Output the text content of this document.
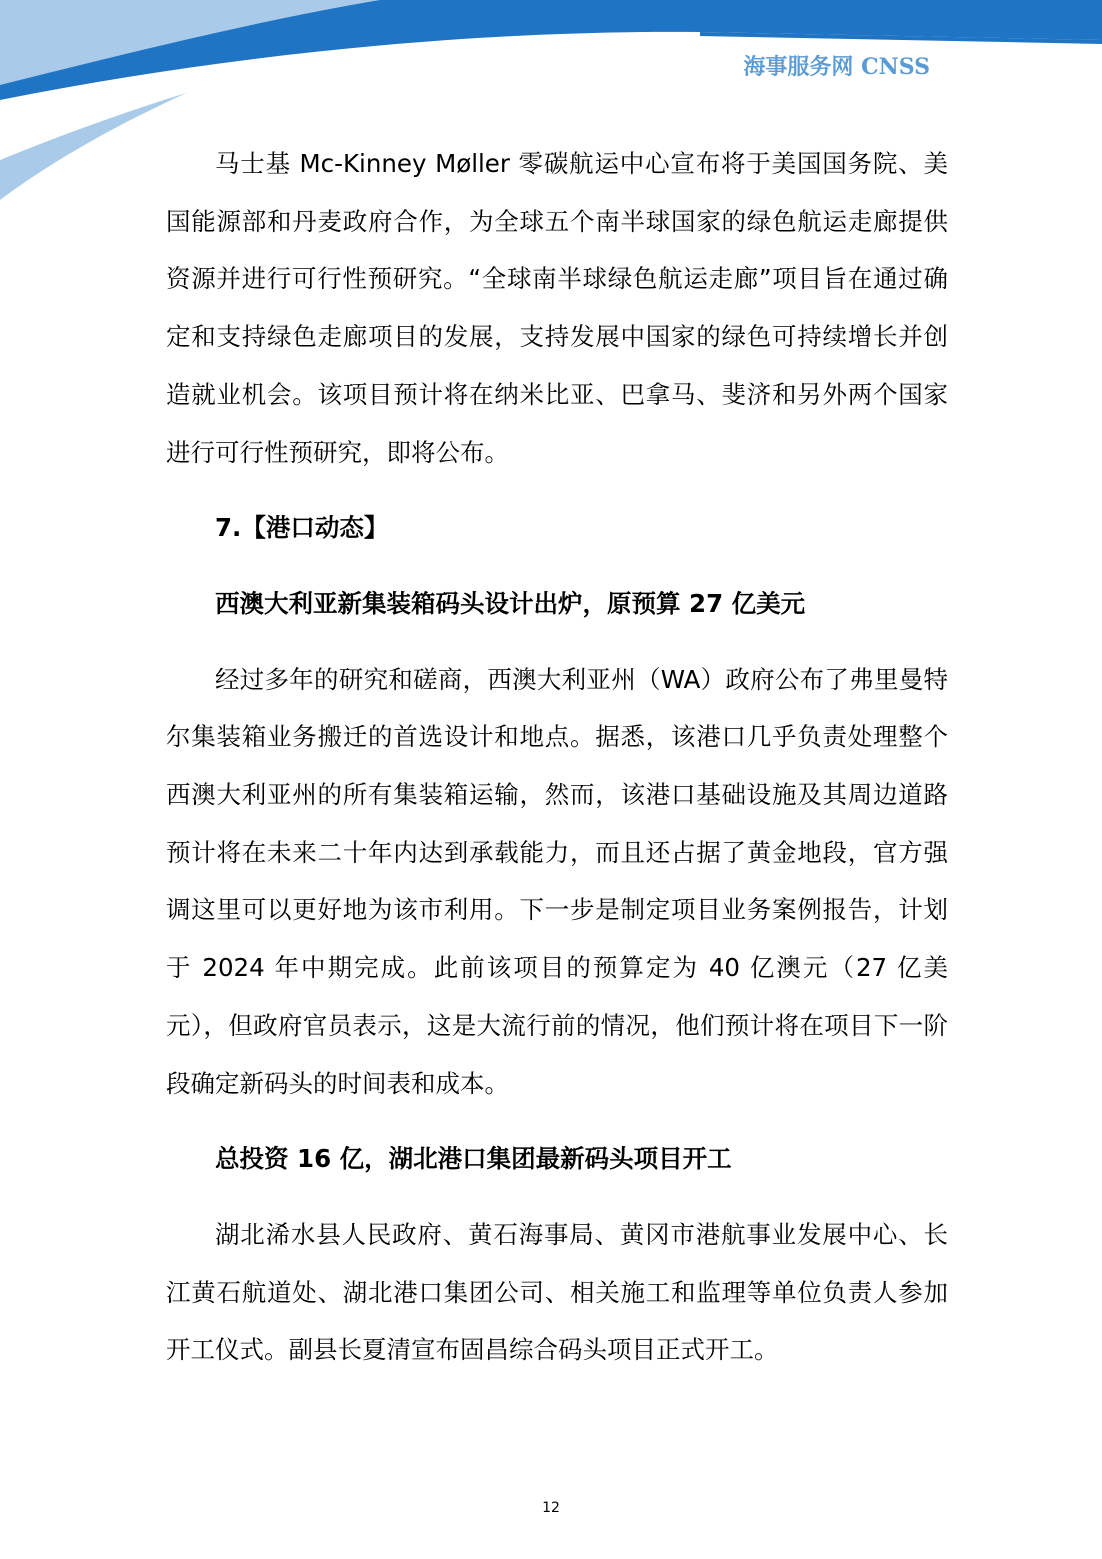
海事服务网 CNSS

马士基 Mc-Kinney Møller 零碳航运中心宣布将于美国国务院、美国能源部和丹麦政府合作，为全球五个南半球国家的绿色航运走廊提供资源并进行可行性预研究。“全球南半球绿色航运走廊”项目旨在通过确定和支持绿色走廊项目的发展，支持发展中国家的绿色可持续增长并创造就业机会。该项目预计将在纳米比亚、巴拿马、斐济和另外两个国家进行可行性预研究，即将公布。

7.【港口动态】

西澳大利亚新集装箱码头设计出炉，原预算 27 亿美元

经过多年的研究和磋商，西澳大利亚州（WA）政府公布了弗里曼特尔集装箱业务搬迁的首选设计和地点。据悉，该港口几乎负责处理整个西澳大利亚州的所有集装箱运输，然而，该港口基础设施及其周边道路预计将在未来二十年内达到承载能力，而且还占据了黄金地段，官方强调这里可以更好地为该市利用。下一步是制定项目业务案例报告，计划于 2024 年中期完成。此前该项目的预算定为 40 亿澳元（27 亿美元），但政府官员表示，这是大流行前的情况，他们预计将在项目下一阶段确定新码头的时间表和成本。

总投资 16 亿，湖北港口集团最新码头项目开工

湖北浠水县人民政府、黄石海事局、黄冈市港航事业发展中心、长江黄石航道处、湖北港口集团公司、相关施工和监理等单位负责人参加开工仪式。副县长夏清宣布固昌综合码头项目正式开工。

12
